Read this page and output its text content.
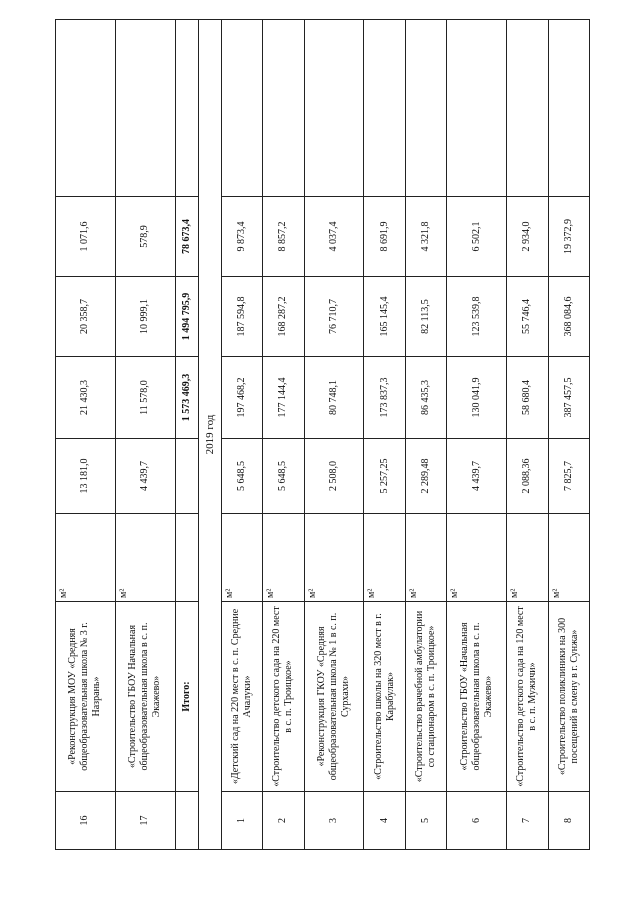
16	«Реконструкция МОУ «Средняя общеобразовательная школа № 3 г. Назрань»	м²	13 181,0	21 430,3	20 358,7	1 071,6	
17	«Строительство ГБОУ Начальная общеобразовательная школа в с. п. Экажево»	м²	4 439,7	11 578,0	10 999,1	578,9	
	Итого:			1 573 469,3	1 494 795,9	78 673,4	
2019 год							
1	«Детский сад на 220 мест в с. п. Средние Ачалуки»	м²	5 648,5	197 468,2	187 594,8	9 873,4	
2	«Строительство детского сада на 220 мест в с. п. Троицкое»	м²	5 648,5	177 144,4	168 287,2	8 857,2	
3	«Реконструкция ГКОУ «Средняя общеобразовательная школа № 1 в с. п. Сурхахи»	м²	2 508,0	80 748,1	76 710,7	4 037,4	
4	«Строительство школы на 320 мест в г. Карабулак»	м²	5 257,25	173 837,3	165 145,4	8 691,9	
5	«Строительство врачебной амбулатории со стационаром в с. п. Троицкое»	м²	2 289,48	86 435,3	82 113,5	4 321,8	
6	«Строительство ГБОУ «Начальная общеобразовательная школа в с. п. Экажево»	м²	4 439,7	130 041,9	123 539,8	6 502,1	
7	«Строительство детского сада на 120 мест в с. п. Мужичи»	м²	2 088,36	58 680,4	55 746,4	2 934,0	
8	«Строительство поликлиники на 300 посещений в смену в г. Сунжа»	м²	7 825,7	387 457,5	368 084,6	19 372,9	
